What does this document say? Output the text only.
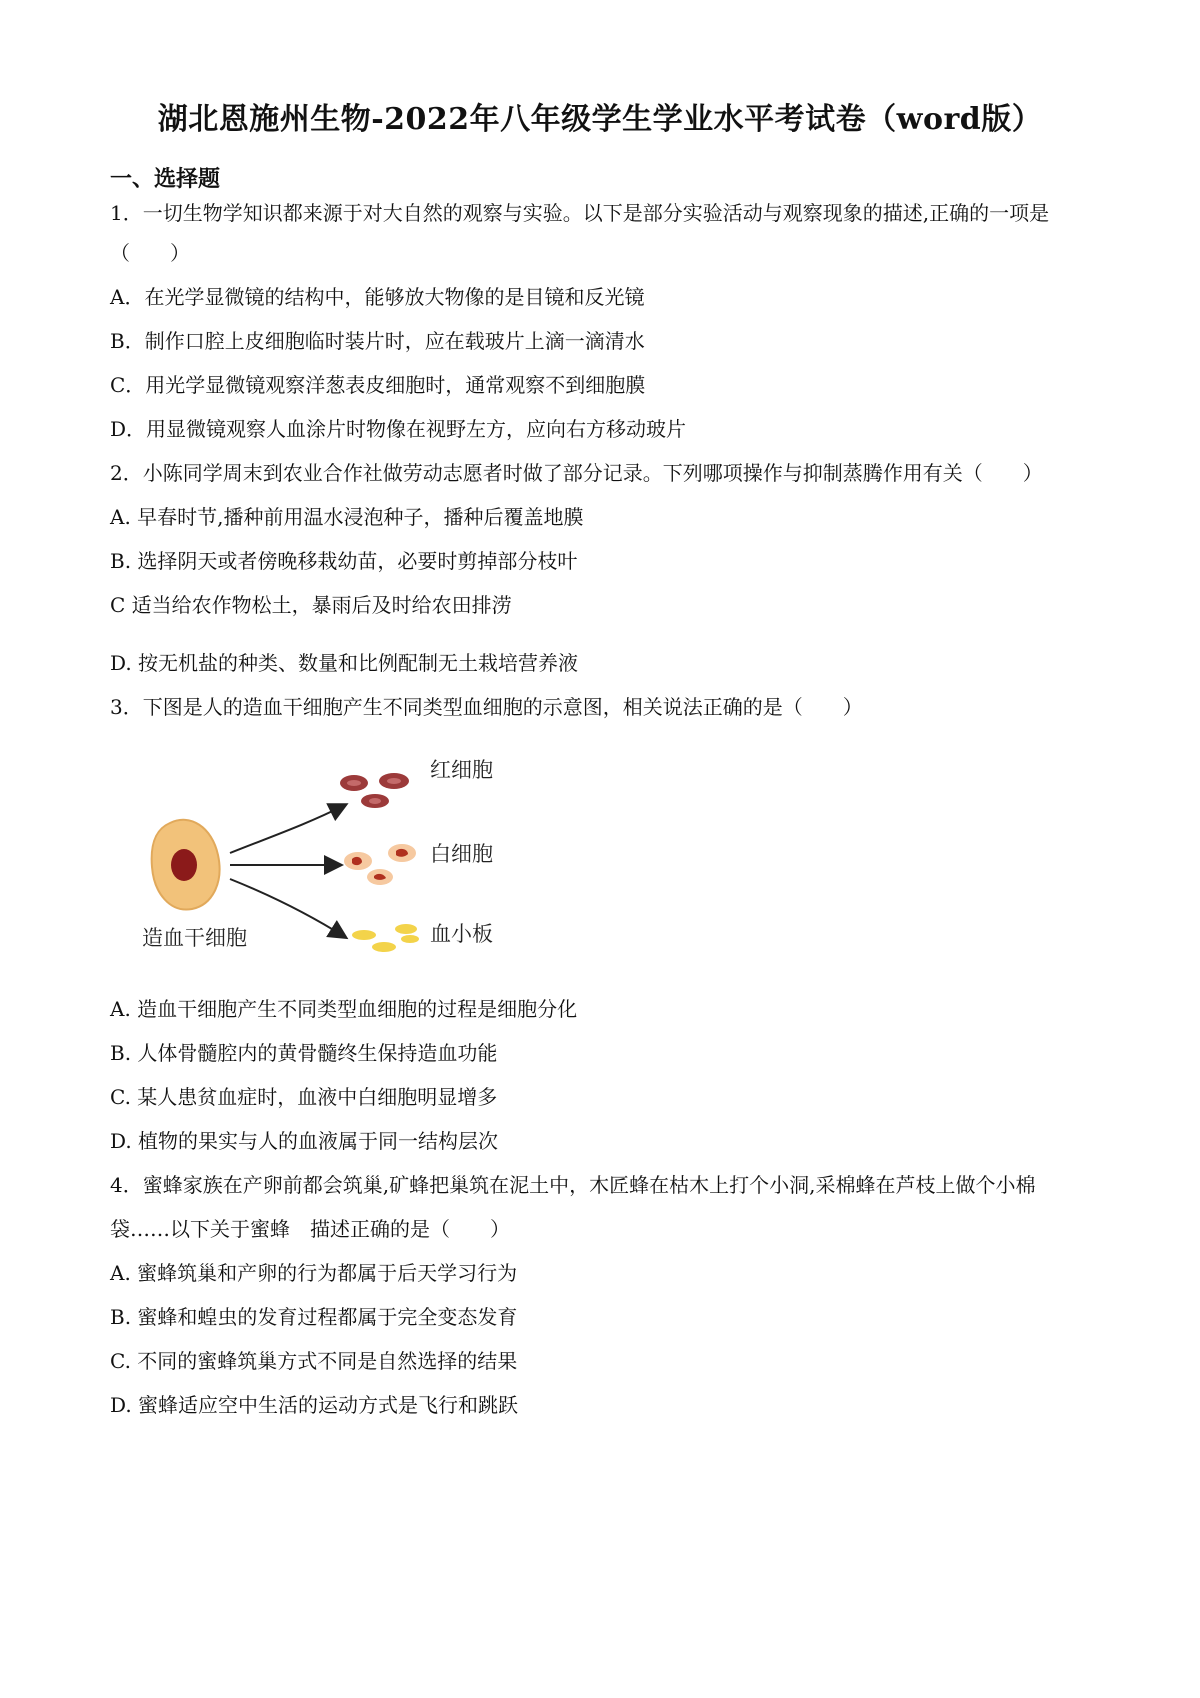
湖北恩施州生物-2022年八年级学生学业水平考试卷（word版）
一、选择题
1．一切生物学知识都来源于对大自然的观察与实验。以下是部分实验活动与观察现象的描述,正确的一项是
（　　）
A．在光学显微镜的结构中，能够放大物像的是目镜和反光镜
B．制作口腔上皮细胞临时装片时，应在载玻片上滴一滴清水
C．用光学显微镜观察洋葱表皮细胞时，通常观察不到细胞膜
D．用显微镜观察人血涂片时物像在视野左方，应向右方移动玻片
2．小陈同学周末到农业合作社做劳动志愿者时做了部分记录。下列哪项操作与抑制蒸腾作用有关（　　）
A. 早春时节,播种前用温水浸泡种子，播种后覆盖地膜
B. 选择阴天或者傍晚移栽幼苗，必要时剪掉部分枝叶
C 适当给农作物松土，暴雨后及时给农田排涝
D. 按无机盐的种类、数量和比例配制无土栽培营养液
3．下图是人的造血干细胞产生不同类型血细胞的示意图，相关说法正确的是（　　）
造血干细胞
红细胞
白细胞
血小板
A. 造血干细胞产生不同类型血细胞的过程是细胞分化
B. 人体骨髓腔内的黄骨髓终生保持造血功能
C. 某人患贫血症时，血液中白细胞明显增多
D. 植物的果实与人的血液属于同一结构层次
4．蜜蜂家族在产卵前都会筑巢,矿蜂把巢筑在泥土中，木匠蜂在枯木上打个小洞,采棉蜂在芦枝上做个小棉
袋……以下关于蜜蜂　描述正确的是（　　）
A. 蜜蜂筑巢和产卵的行为都属于后天学习行为
B. 蜜蜂和蝗虫的发育过程都属于完全变态发育
C. 不同的蜜蜂筑巢方式不同是自然选择的结果
D. 蜜蜂适应空中生活的运动方式是飞行和跳跃
